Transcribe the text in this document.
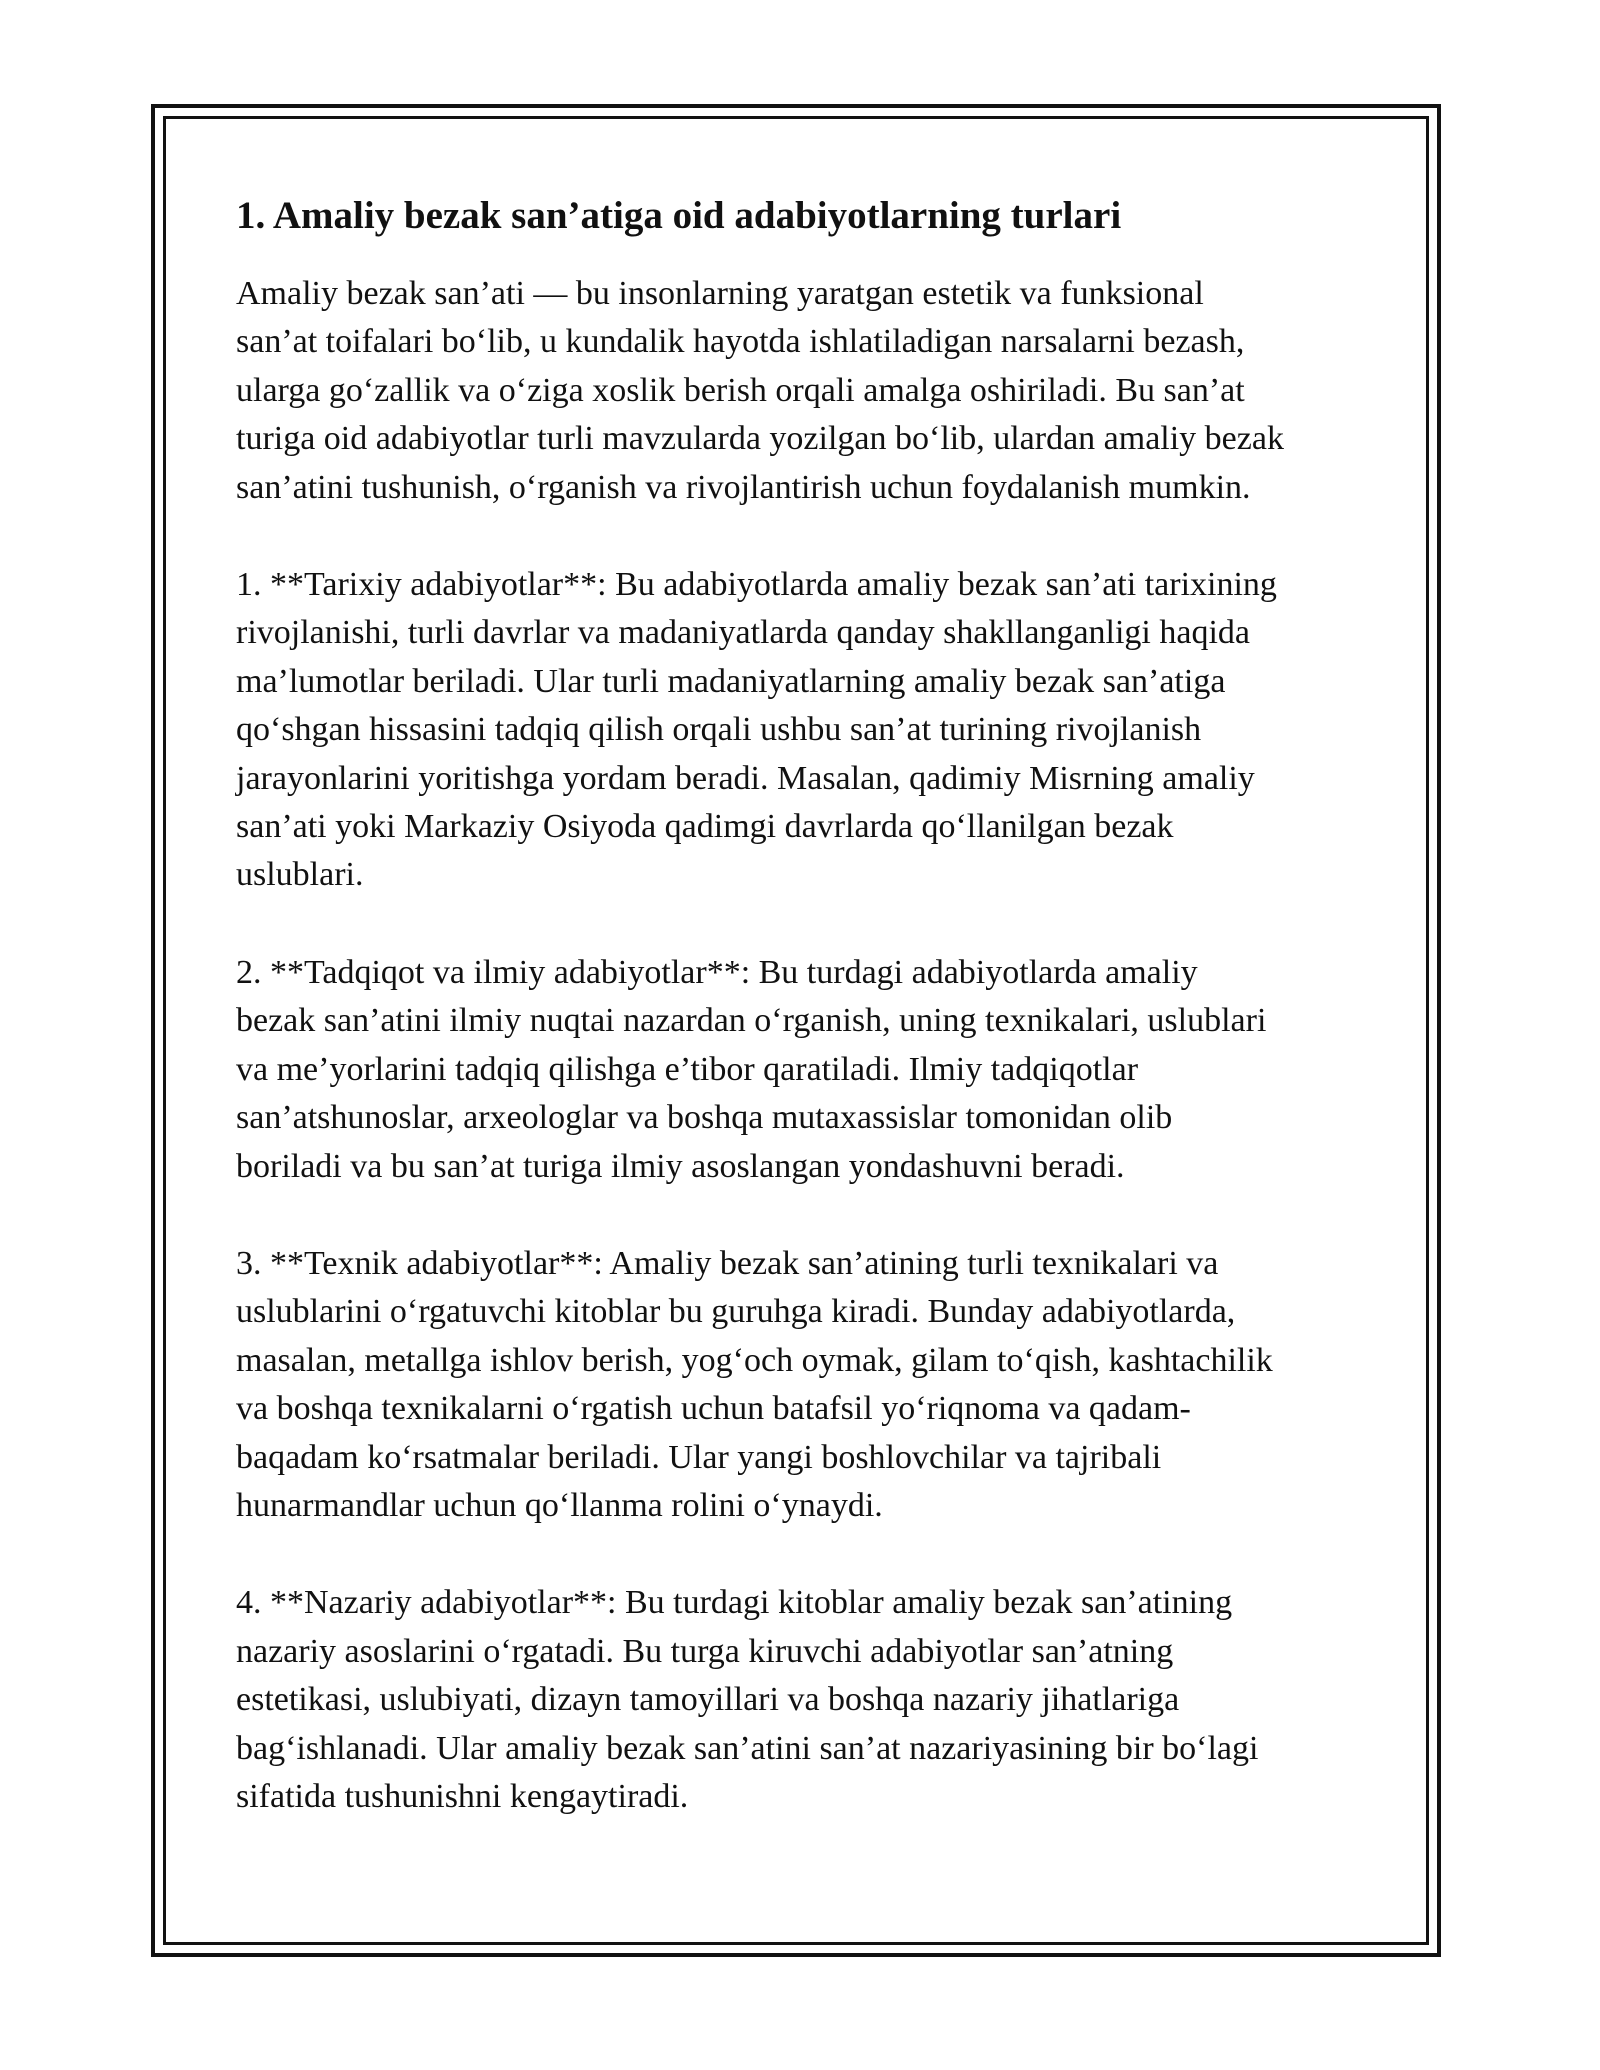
1. Amaliy bezak san’atiga oid adabiyotlarning turlari

Amaliy bezak san’ati — bu insonlarning yaratgan estetik va funksional
san’at toifalari bo‘lib, u kundalik hayotda ishlatiladigan narsalarni bezash,
ularga go‘zallik va o‘ziga xoslik berish orqali amalga oshiriladi. Bu san’at
turiga oid adabiyotlar turli mavzularda yozilgan bo‘lib, ulardan amaliy bezak
san’atini tushunish, o‘rganish va rivojlantirish uchun foydalanish mumkin.

1. **Tarixiy adabiyotlar**: Bu adabiyotlarda amaliy bezak san’ati tarixining
rivojlanishi, turli davrlar va madaniyatlarda qanday shakllanganligi haqida
ma’lumotlar beriladi. Ular turli madaniyatlarning amaliy bezak san’atiga
qo‘shgan hissasini tadqiq qilish orqali ushbu san’at turining rivojlanish
jarayonlarini yoritishga yordam beradi. Masalan, qadimiy Misrning amaliy
san’ati yoki Markaziy Osiyoda qadimgi davrlarda qo‘llanilgan bezak
uslublari.

2. **Tadqiqot va ilmiy adabiyotlar**: Bu turdagi adabiyotlarda amaliy
bezak san’atini ilmiy nuqtai nazardan o‘rganish, uning texnikalari, uslublari
va me’yorlarini tadqiq qilishga e’tibor qaratiladi. Ilmiy tadqiqotlar
san’atshunoslar, arxeologlar va boshqa mutaxassislar tomonidan olib
boriladi va bu san’at turiga ilmiy asoslangan yondashuvni beradi.

3. **Texnik adabiyotlar**: Amaliy bezak san’atining turli texnikalari va
uslublarini o‘rgatuvchi kitoblar bu guruhga kiradi. Bunday adabiyotlarda,
masalan, metallga ishlov berish, yog‘och oymak, gilam to‘qish, kashtachilik
va boshqa texnikalarni o‘rgatish uchun batafsil yo‘riqnoma va qadam-
baqadam ko‘rsatmalar beriladi. Ular yangi boshlovchilar va tajribali
hunarmandlar uchun qo‘llanma rolini o‘ynaydi.

4. **Nazariy adabiyotlar**: Bu turdagi kitoblar amaliy bezak san’atining
nazariy asoslarini o‘rgatadi. Bu turga kiruvchi adabiyotlar san’atning
estetikasi, uslubiyati, dizayn tamoyillari va boshqa nazariy jihatlariga
bag‘ishlanadi. Ular amaliy bezak san’atini san’at nazariyasining bir bo‘lagi
sifatida tushunishni kengaytiradi.
